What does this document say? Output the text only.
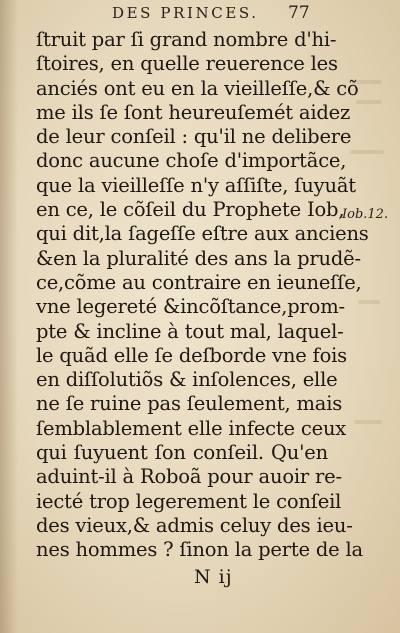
DES PRINCES. 77
ſtruit par ſi grand nombre d'hi-
ſtoires, en quelle reuerence les
anciés ont eu en la vieilleſſe,& cõ
me ils ſe ſont heureuſemét aidez
de leur conſeil : qu'il ne delibere
donc aucune choſe d'importãce,
que la vieilleſſe n'y aſſiſte, ſuyuãt
en ce, le cõſeil du Prophete Iob,
qui dit,la ſageſſe eſtre aux anciens
&en la pluralité des ans la prudẽ-
ce,cõme au contraire en ieuneſſe,
vne legereté &incõſtance,prom-
pte & incline à tout mal, laquel-
le quãd elle ſe deſborde vne fois
en diſſolutiõs & inſolences, elle
ne ſe ruine pas ſeulement, mais
ſemblablement elle infecte ceux
qui ſuyuent ſon conſeil. Qu'en
aduint-il à Roboã pour auoir re-
iecté trop legerement le conſeil
des vieux,& admis celuy des ieu-
nes hommes ? ſinon la perte de la
Iob.12.
N ij
